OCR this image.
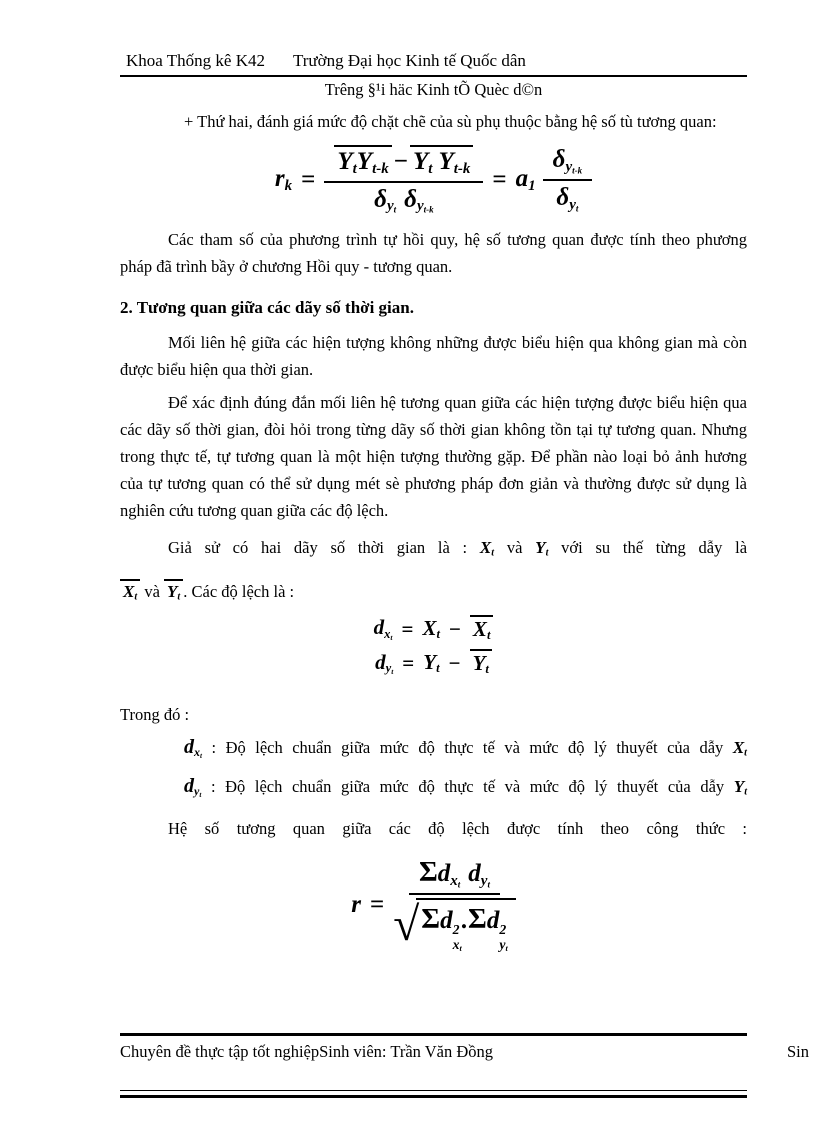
Khoa Thống kê K42 Trường Đại học Kinh tế Quốc dân
Trêng §¹i häc Kinh tÕ Quèc d©n

+ Thứ hai, đánh giá mức độ chặt chẽ của sù phụ thuộc bằng hệ số tù tương quan:

rk = $\frac{\text{YtYt-k − Yt Yt-k}}{\text{δyt δyt-k}} = a1 \frac{\text{δyt-k}}{\text{δyt}}$

Các tham số của phương trình tự hồi quy, hệ số tương quan được tính theo phương pháp đã trình bầy ở chương Hồi quy - tương quan.

2. Tương quan giữa các dãy số thời gian.

Mối liên hệ giữa các hiện tượng không những được biểu hiện qua không gian mà còn được biểu hiện qua thời gian.

Để xác định đúng đắn mối liên hệ tương quan giữa các hiện tượng được biểu hiện qua các dãy số thời gian, đòi hỏi trong từng dãy số thời gian không tồn tại tự tương quan. Nhưng trong thực tế, tự tương quan là một hiện tượng thường gặp. Để phần nào loại bỏ ảnh hương của tự tương quan có thể sử dụng mét sè phương pháp đơn giản và thường được sử dụng là nghiên cứu tương quan giữa các độ lệch.

Giả sử có hai dãy số thời gian là : Xt và Yt với su thế từng dẫy là
Xt và Yt . Các độ lệch là :
dxt = Xt − Xt
dyt = Yt − Yt
Trong đó :
dxt : Độ lệch chuẩn giữa mức độ thực tế và mức độ lý thuyết của dẫy Xt
dyt : Độ lệch chuẩn giữa mức độ thực tế và mức độ lý thuyết của dẫy Yt
Hệ số tương quan giữa các độ lệch được tính theo công thức :
r = Σdxt dyt
√Σd 2
xt
.Σd 2
yt
Chuyên đề thực tập tốt nghiệpSinh viên: Trần Văn Đồng	Sin
